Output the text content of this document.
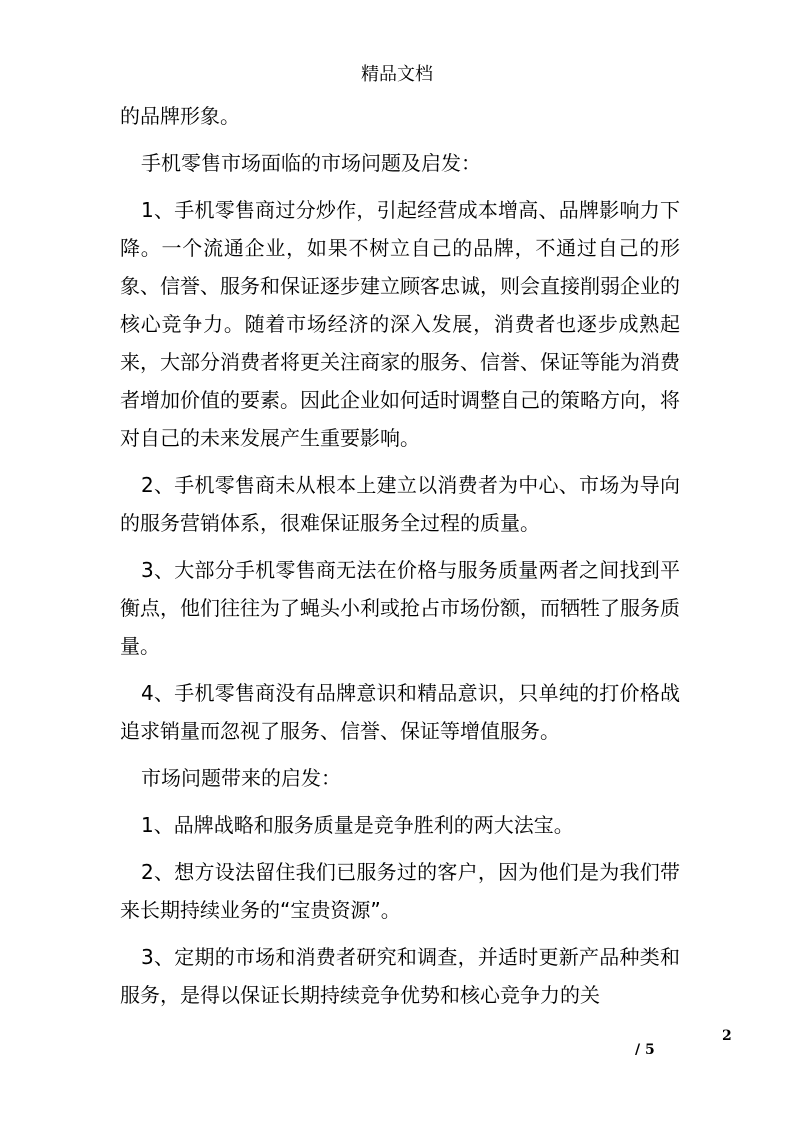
精品文档

的品牌形象。

手机零售市场面临的市场问题及启发：

1、手机零售商过分炒作，引起经营成本增高、品牌影响力下降。一个流通企业，如果不树立自己的品牌，不通过自己的形象、信誉、服务和保证逐步建立顾客忠诚，则会直接削弱企业的核心竞争力。随着市场经济的深入发展，消费者也逐步成熟起来，大部分消费者将更关注商家的服务、信誉、保证等能为消费者增加价值的要素。因此企业如何适时调整自己的策略方向，将对自己的未来发展产生重要影响。

2、手机零售商未从根本上建立以消费者为中心、市场为导向的服务营销体系，很难保证服务全过程的质量。

3、大部分手机零售商无法在价格与服务质量两者之间找到平衡点，他们往往为了蝇头小利或抢占市场份额，而牺牲了服务质量。

4、手机零售商没有品牌意识和精品意识，只单纯的打价格战追求销量而忽视了服务、信誉、保证等增值服务。

市场问题带来的启发：

1、品牌战略和服务质量是竞争胜利的两大法宝。

2、想方设法留住我们已服务过的客户，因为他们是为我们带来长期持续业务的“宝贵资源”。

3、定期的市场和消费者研究和调查，并适时更新产品种类和服务，是得以保证长期持续竞争优势和核心竞争力的关

2
/ 5
